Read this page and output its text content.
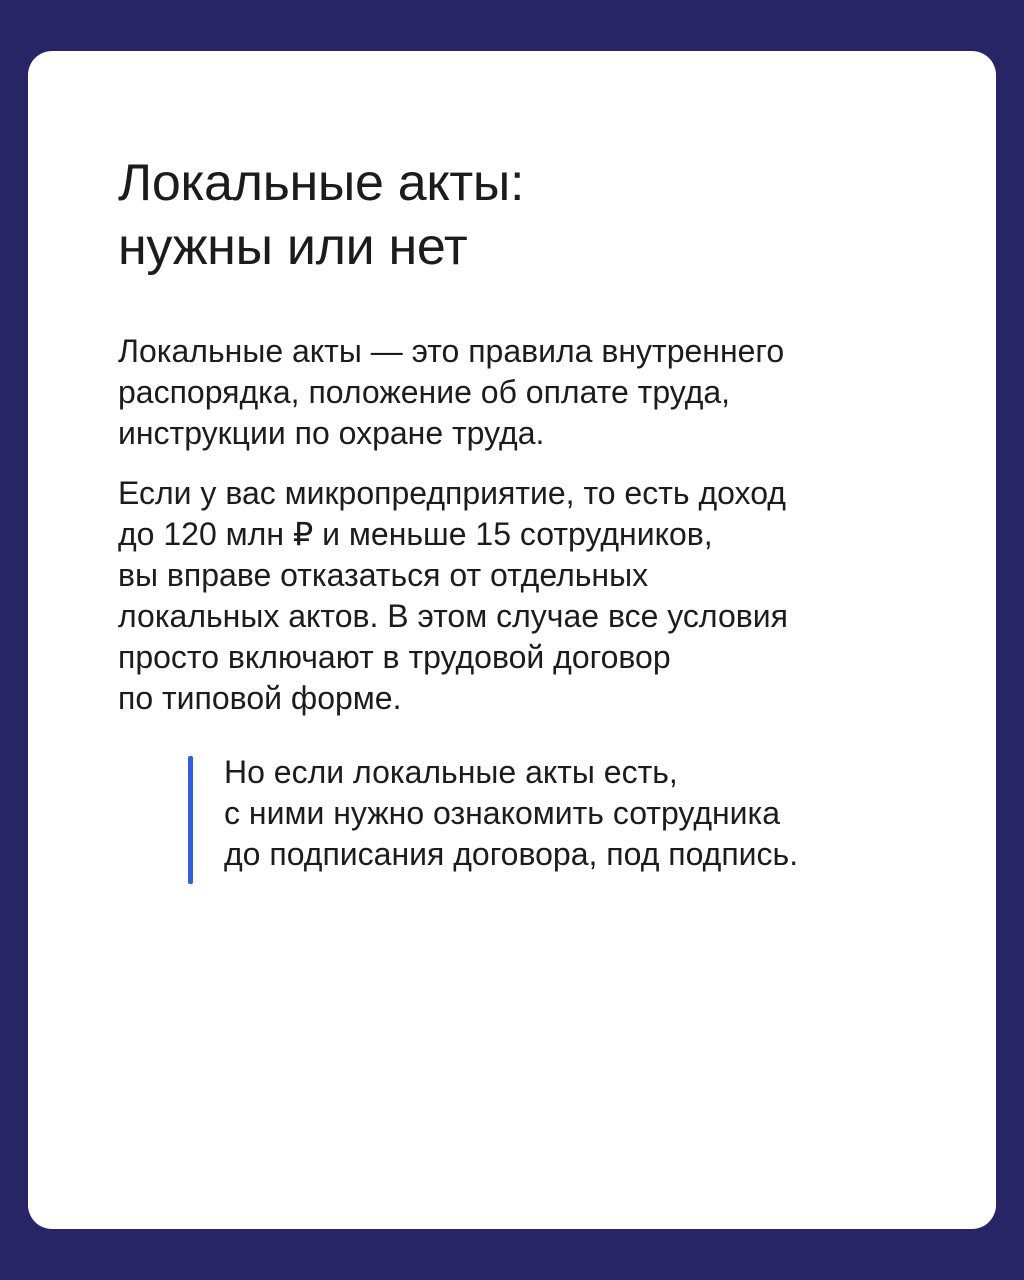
Локальные акты:
нужны или нет

Локальные акты — это правила внутреннего
распорядка, положение об оплате труда,
инструкции по охране труда.

Если у вас микропредприятие, то есть доход
до 120 млн ₽ и меньше 15 сотрудников,
вы вправе отказаться от отдельных
локальных актов. В этом случае все условия
просто включают в трудовой договор
по типовой форме.

Но если локальные акты есть,
с ними нужно ознакомить сотрудника
до подписания договора, под подпись.
